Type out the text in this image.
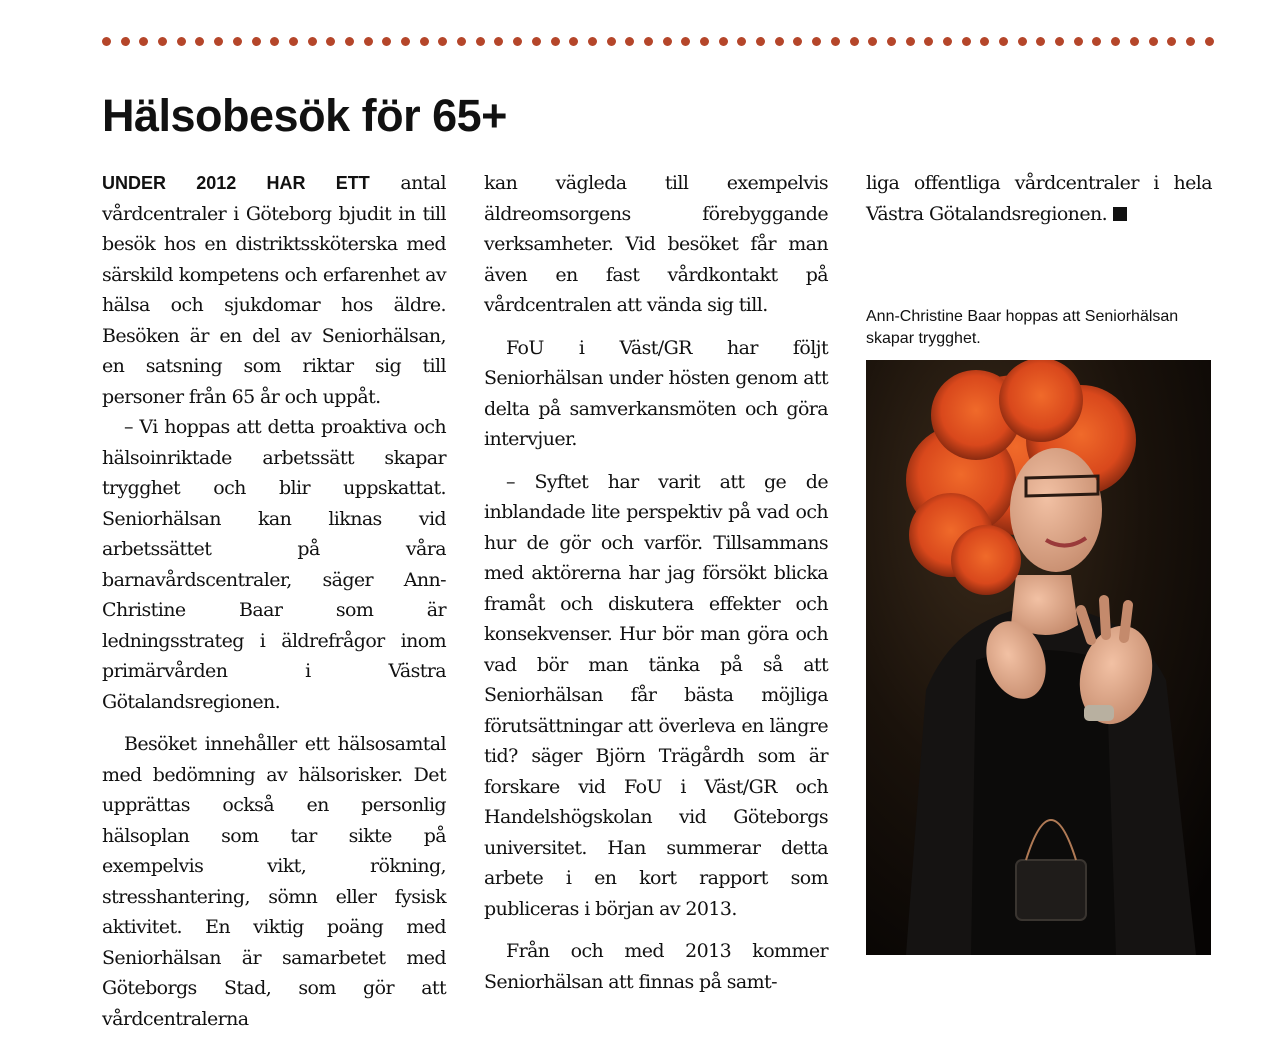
Hälsobesök för 65+

UNDER 2012 HAR ETT antal vårdcentraler i Göteborg bjudit in till besök hos en distriktssköterska med särskild kompetens och erfarenhet av hälsa och sjukdomar hos äldre. Besöken är en del av Seniorhälsan, en satsning som riktar sig till personer från 65 år och uppåt.

– Vi hoppas att detta proaktiva och hälsoinriktade arbetssätt skapar trygghet och blir uppskattat. Seniorhälsan kan liknas vid arbetssättet på våra barnavårdscentraler, säger Ann-Christine Baar som är ledningsstrateg i äldrefrågor inom primärvården i Västra Götalandsregionen.

Besöket innehåller ett hälsosamtal med bedömning av hälsorisker. Det upprättas också en personlig hälsoplan som tar sikte på exempelvis vikt, rökning, stresshantering, sömn eller fysisk aktivitet. En viktig poäng med Seniorhälsan är samarbetet med Göteborgs Stad, som gör att vårdcentralerna

kan vägleda till exempelvis äldreomsorgens förebyggande verksamheter. Vid besöket får man även en fast vårdkontakt på vårdcentralen att vända sig till.

FoU i Väst/GR har följt Seniorhälsan under hösten genom att delta på samverkansmöten och göra intervjuer.

– Syftet har varit att ge de inblandade lite perspektiv på vad och hur de gör och varför. Tillsammans med aktörerna har jag försökt blicka framåt och diskutera effekter och konsekvenser. Hur bör man göra och vad bör man tänka på så att Seniorhälsan får bästa möjliga förutsättningar att överleva en längre tid? säger Björn Trägårdh som är forskare vid FoU i Väst/GR och Handelshögskolan vid Göteborgs universitet. Han summerar detta arbete i en kort rapport som publiceras i början av 2013.

Från och med 2013 kommer Seniorhälsan att finnas på samt-

liga offentliga vårdcentraler i hela Västra Götalandsregionen.

Ann-Christine Baar hoppas att Seniorhälsan skapar trygghet.
